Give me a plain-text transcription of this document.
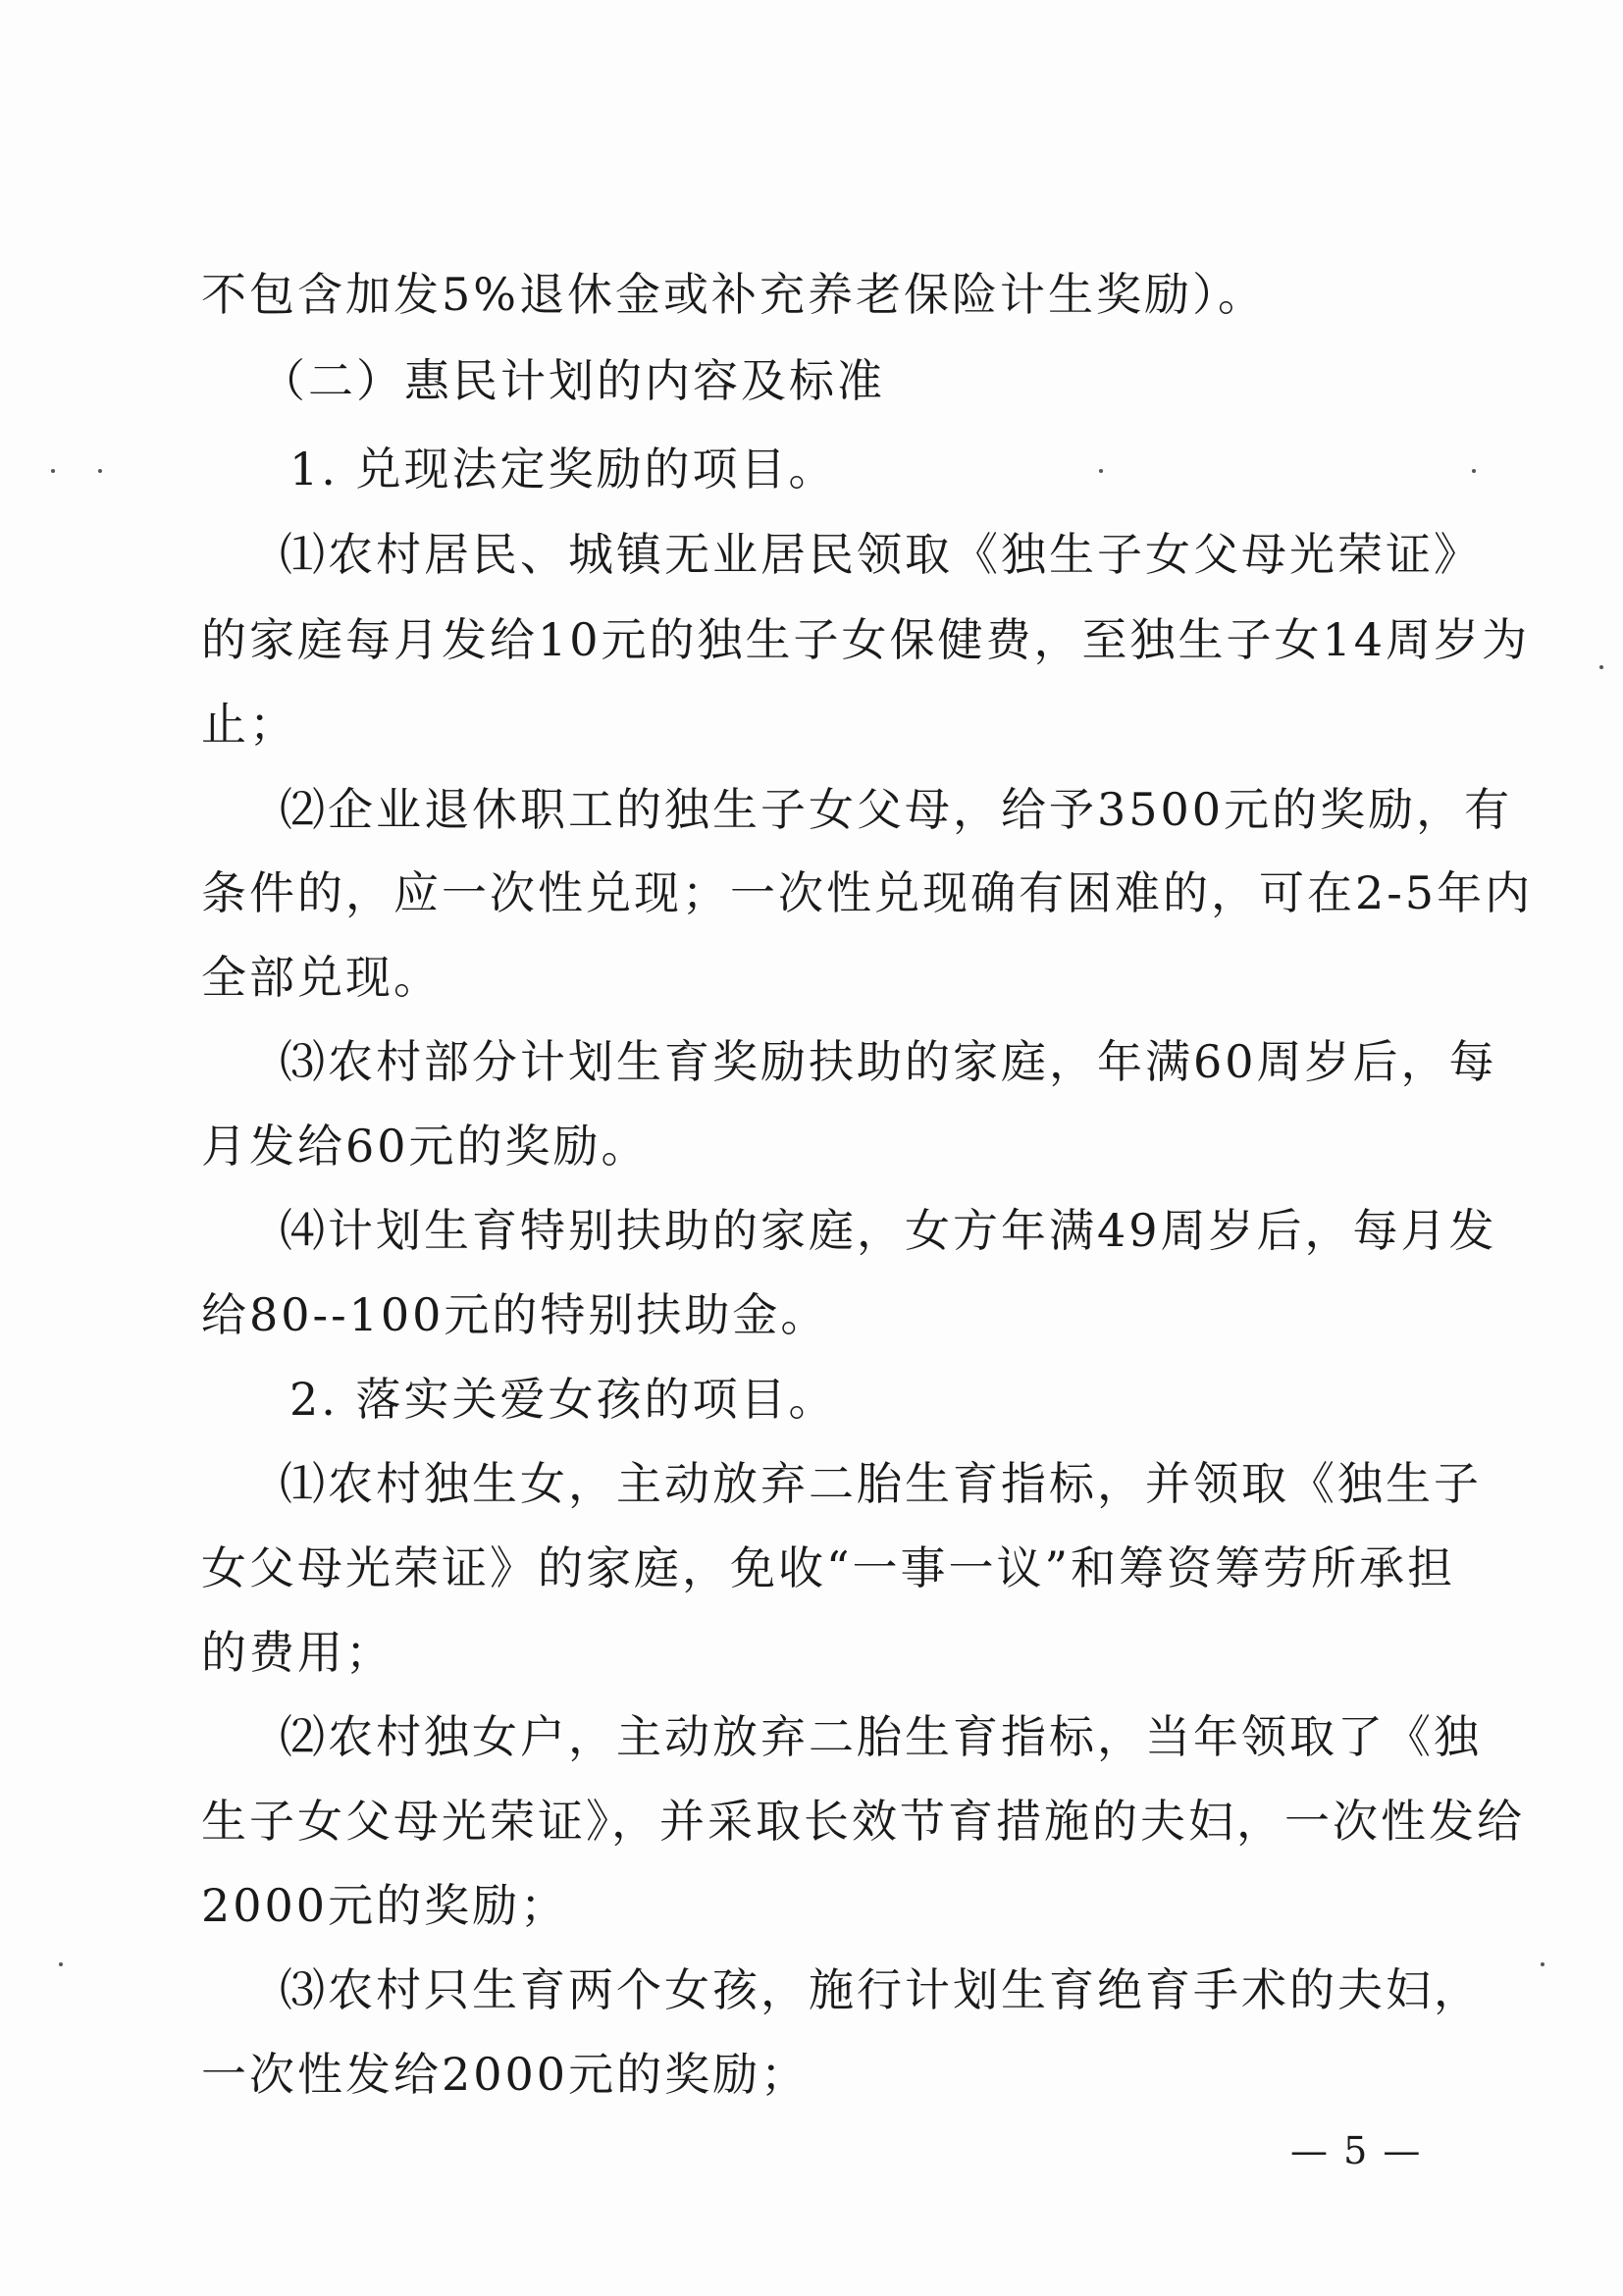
不包含加发5%退休金或补充养老保险计生奖励）。
（二）惠民计划的内容及标准
1. 兑现法定奖励的项目。
⑴农村居民、城镇无业居民领取《独生子女父母光荣证》
的家庭每月发给10元的独生子女保健费，至独生子女14周岁为
止；
⑵企业退休职工的独生子女父母，给予3500元的奖励，有
条件的，应一次性兑现；一次性兑现确有困难的，可在2-5年内
全部兑现。
⑶农村部分计划生育奖励扶助的家庭，年满60周岁后，每
月发给60元的奖励。
⑷计划生育特别扶助的家庭，女方年满49周岁后，每月发
给80--100元的特别扶助金。
2. 落实关爱女孩的项目。
⑴农村独生女，主动放弃二胎生育指标，并领取《独生子
女父母光荣证》的家庭，免收“一事一议”和筹资筹劳所承担
的费用；
⑵农村独女户，主动放弃二胎生育指标，当年领取了《独
生子女父母光荣证》，并采取长效节育措施的夫妇，一次性发给
2000元的奖励；
⑶农村只生育两个女孩，施行计划生育绝育手术的夫妇，
一次性发给2000元的奖励；
— 5 —
